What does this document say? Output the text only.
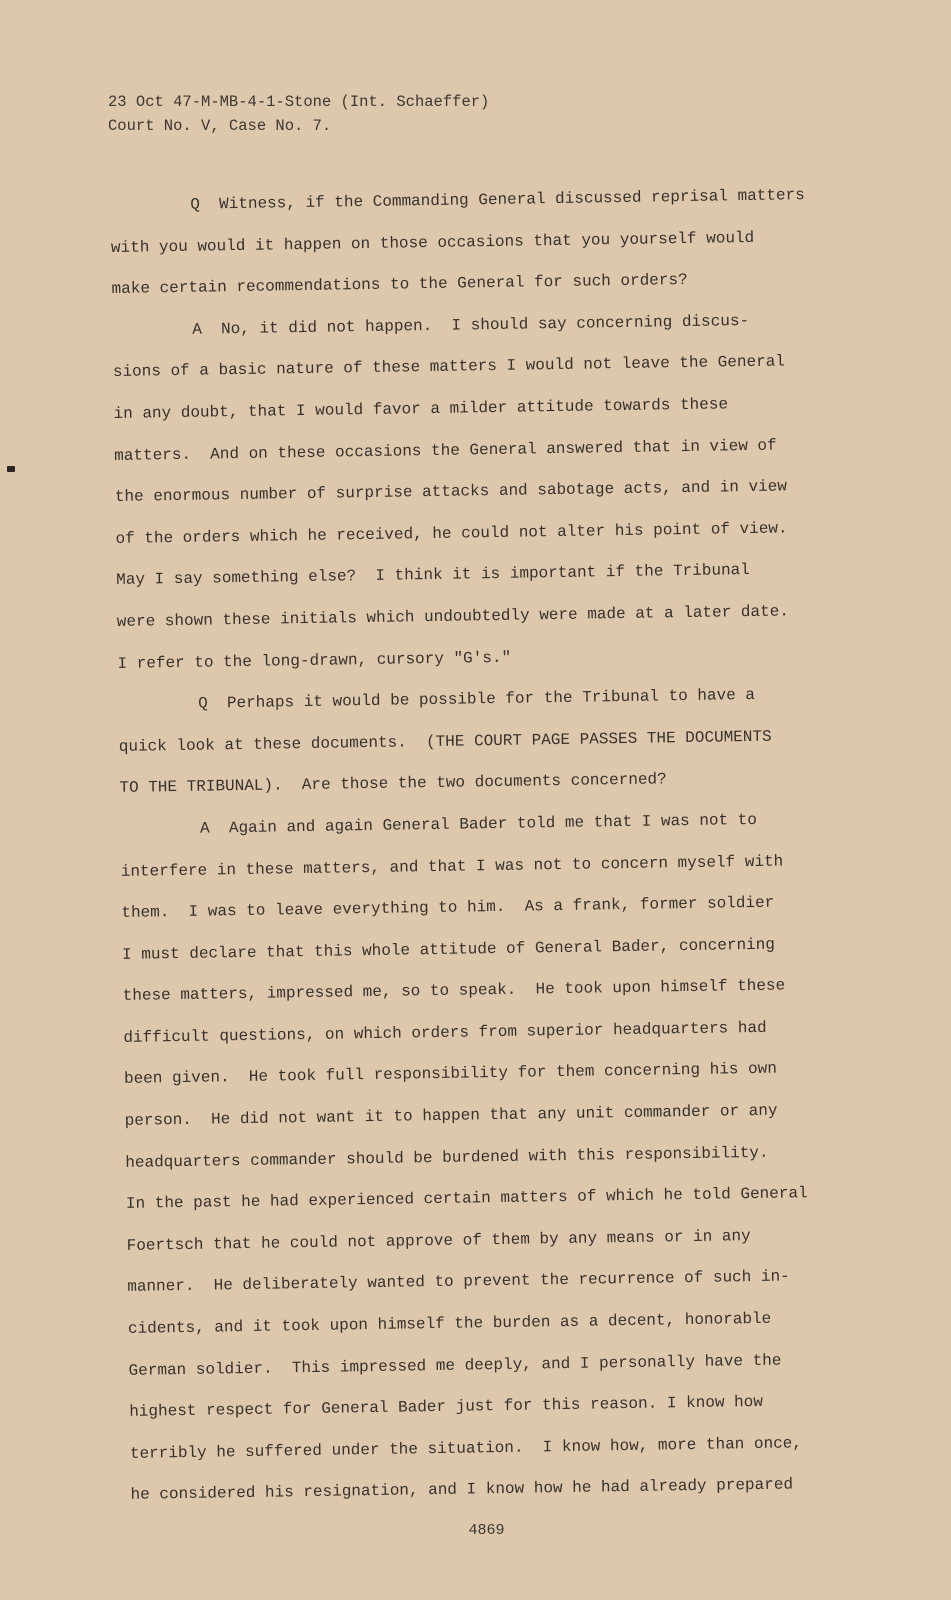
23 Oct 47-M-MB-4-1-Stone (Int. Schaeffer)
Court No. V, Case No. 7.
Q  Witness, if the Commanding General discussed reprisal matters
with you would it happen on those occasions that you yourself would
make certain recommendations to the General for such orders?
A  No, it did not happen.  I should say concerning discus-
sions of a basic nature of these matters I would not leave the General
in any doubt, that I would favor a milder attitude towards these
matters.  And on these occasions the General answered that in view of
the enormous number of surprise attacks and sabotage acts, and in view
of the orders which he received, he could not alter his point of view.
May I say something else?  I think it is important if the Tribunal
were shown these initials which undoubtedly were made at a later date.
I refer to the long-drawn, cursory "G's."
Q  Perhaps it would be possible for the Tribunal to have a
quick look at these documents.  (THE COURT PAGE PASSES THE DOCUMENTS
TO THE TRIBUNAL).  Are those the two documents concerned?
A  Again and again General Bader told me that I was not to
interfere in these matters, and that I was not to concern myself with
them.  I was to leave everything to him.  As a frank, former soldier
I must declare that this whole attitude of General Bader, concerning
these matters, impressed me, so to speak.  He took upon himself these
difficult questions, on which orders from superior headquarters had
been given.  He took full responsibility for them concerning his own
person.  He did not want it to happen that any unit commander or any
headquarters commander should be burdened with this responsibility.
In the past he had experienced certain matters of which he told General
Foertsch that he could not approve of them by any means or in any
manner.  He deliberately wanted to prevent the recurrence of such in-
cidents, and it took upon himself the burden as a decent, honorable
German soldier.  This impressed me deeply, and I personally have the
highest respect for General Bader just for this reason. I know how
terribly he suffered under the situation.  I know how, more than once,
he considered his resignation, and I know how he had already prepared
4869
